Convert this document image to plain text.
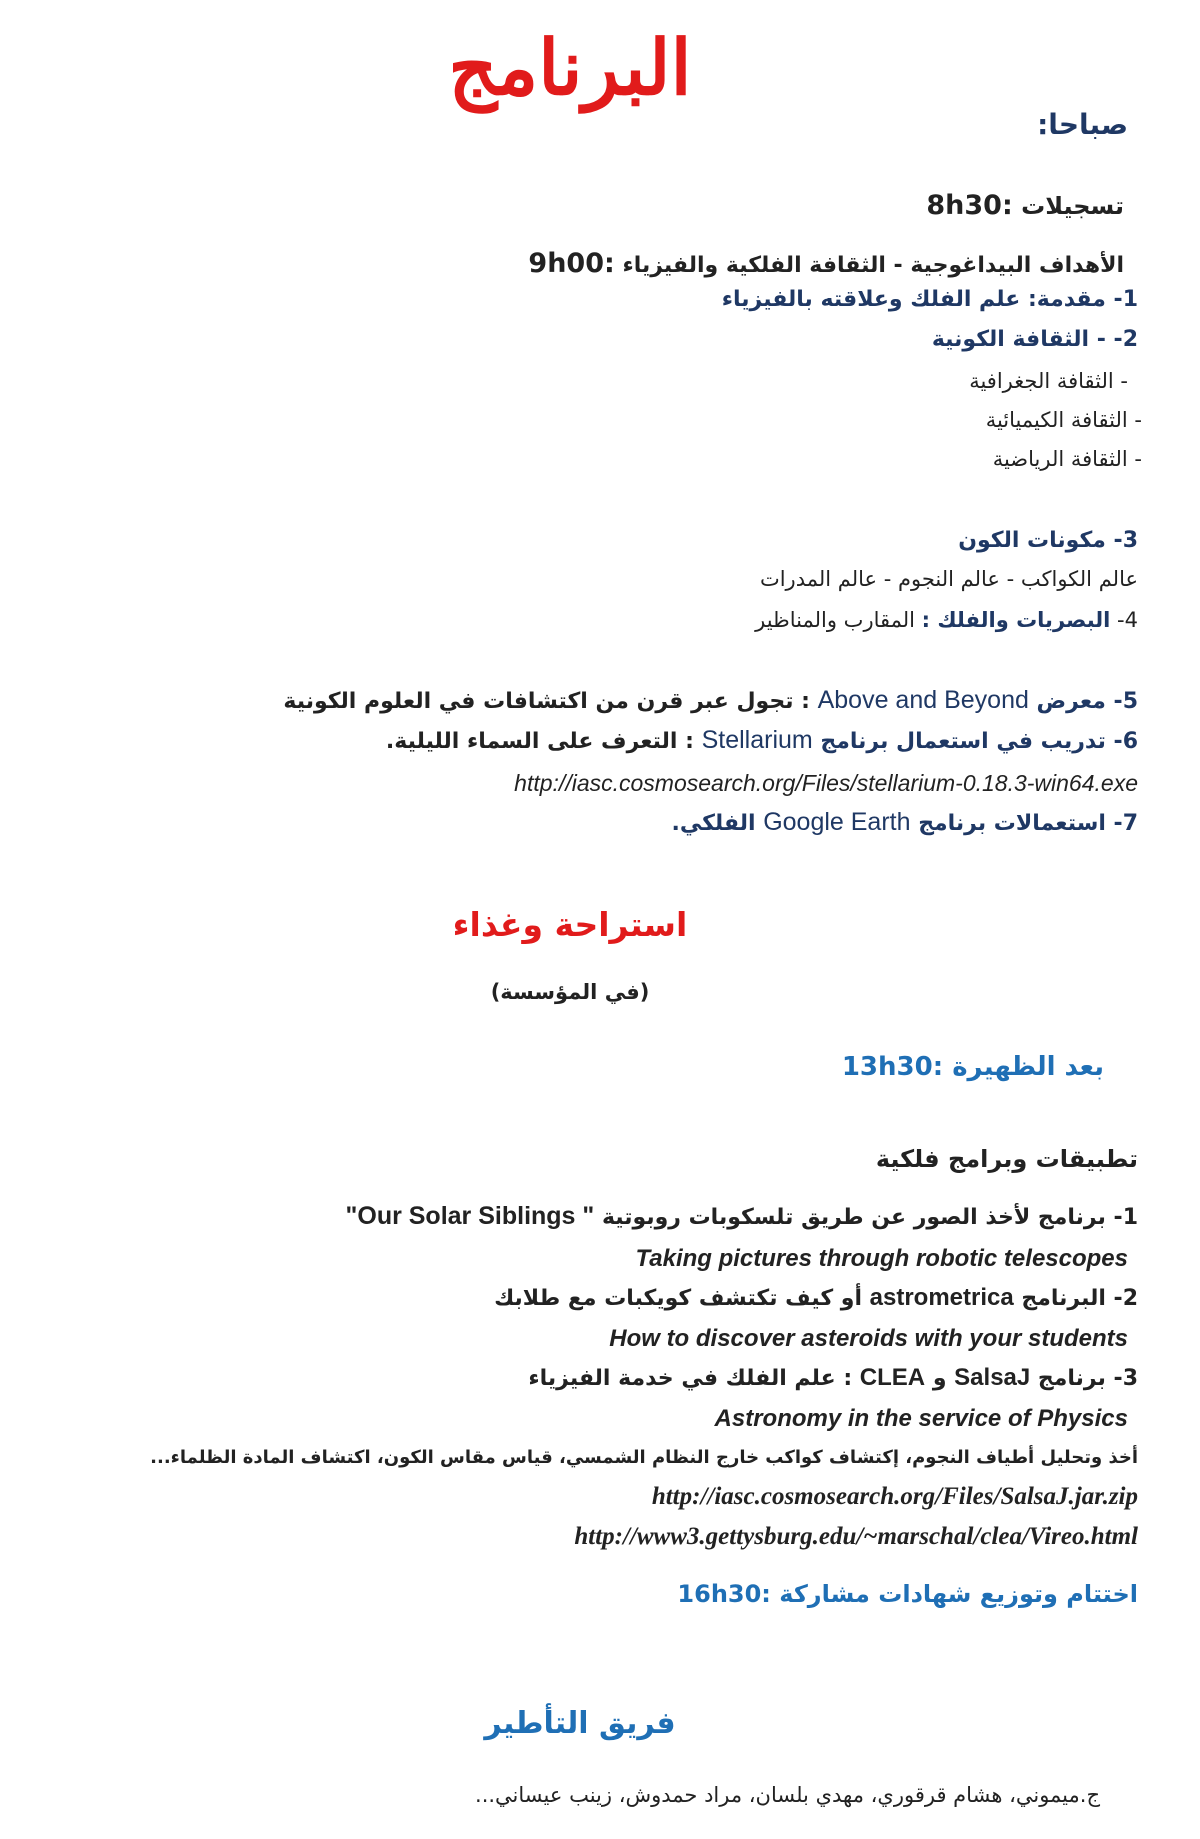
البرنامج
صباحا:
8h30: تسجيلات
9h00: الأهداف البيداغوجية - الثقافة الفلكية والفيزياء
1- مقدمة: علم الفلك وعلاقته بالفيزياء
2- - الثقافة الكونية
- الثقافة الجغرافية
- الثقافة الكيميائية
- الثقافة الرياضية
3- مكونات الكون
عالم الكواكب - عالم النجوم - عالم المدرات
4- البصريات والفلك : المقارب والمناظير
5- معرض Above and Beyond : تجول عبر قرن من اكتشافات في العلوم الكونية
6- تدريب في استعمال برنامج Stellarium : التعرف على السماء الليلية.
http://iasc.cosmosearch.org/Files/stellarium-0.18.3-win64.exe
7- استعمالات برنامج Google Earth الفلكي.
استراحة وغذاء
(في المؤسسة)
13h30: بعد الظهيرة
تطبيقات وبرامج فلكية
1- برنامج لأخذ الصور عن طريق تلسكوبات روبوتية "Our Solar Siblings "
Taking pictures through robotic telescopes
2- البرنامج astrometrica أو كيف تكتشف كويكبات مع طلابك
How to discover asteroids with your students
3- برنامج SalsaJ و CLEA : علم الفلك في خدمة الفيزياء
Astronomy in the service of Physics
أخذ وتحليل أطياف النجوم، إكتشاف كواكب خارج النظام الشمسي، قياس مقاس الكون، اكتشاف المادة الظلماء...
http://iasc.cosmosearch.org/Files/SalsaJ.jar.zip
http://www3.gettysburg.edu/~marschal/clea/Vireo.html
16h30: اختتام وتوزيع شهادات مشاركة
فريق التأطير
ج.ميموني، هشام قرقوري، مهدي بلسان، مراد حمدوش، زينب عيساني...
